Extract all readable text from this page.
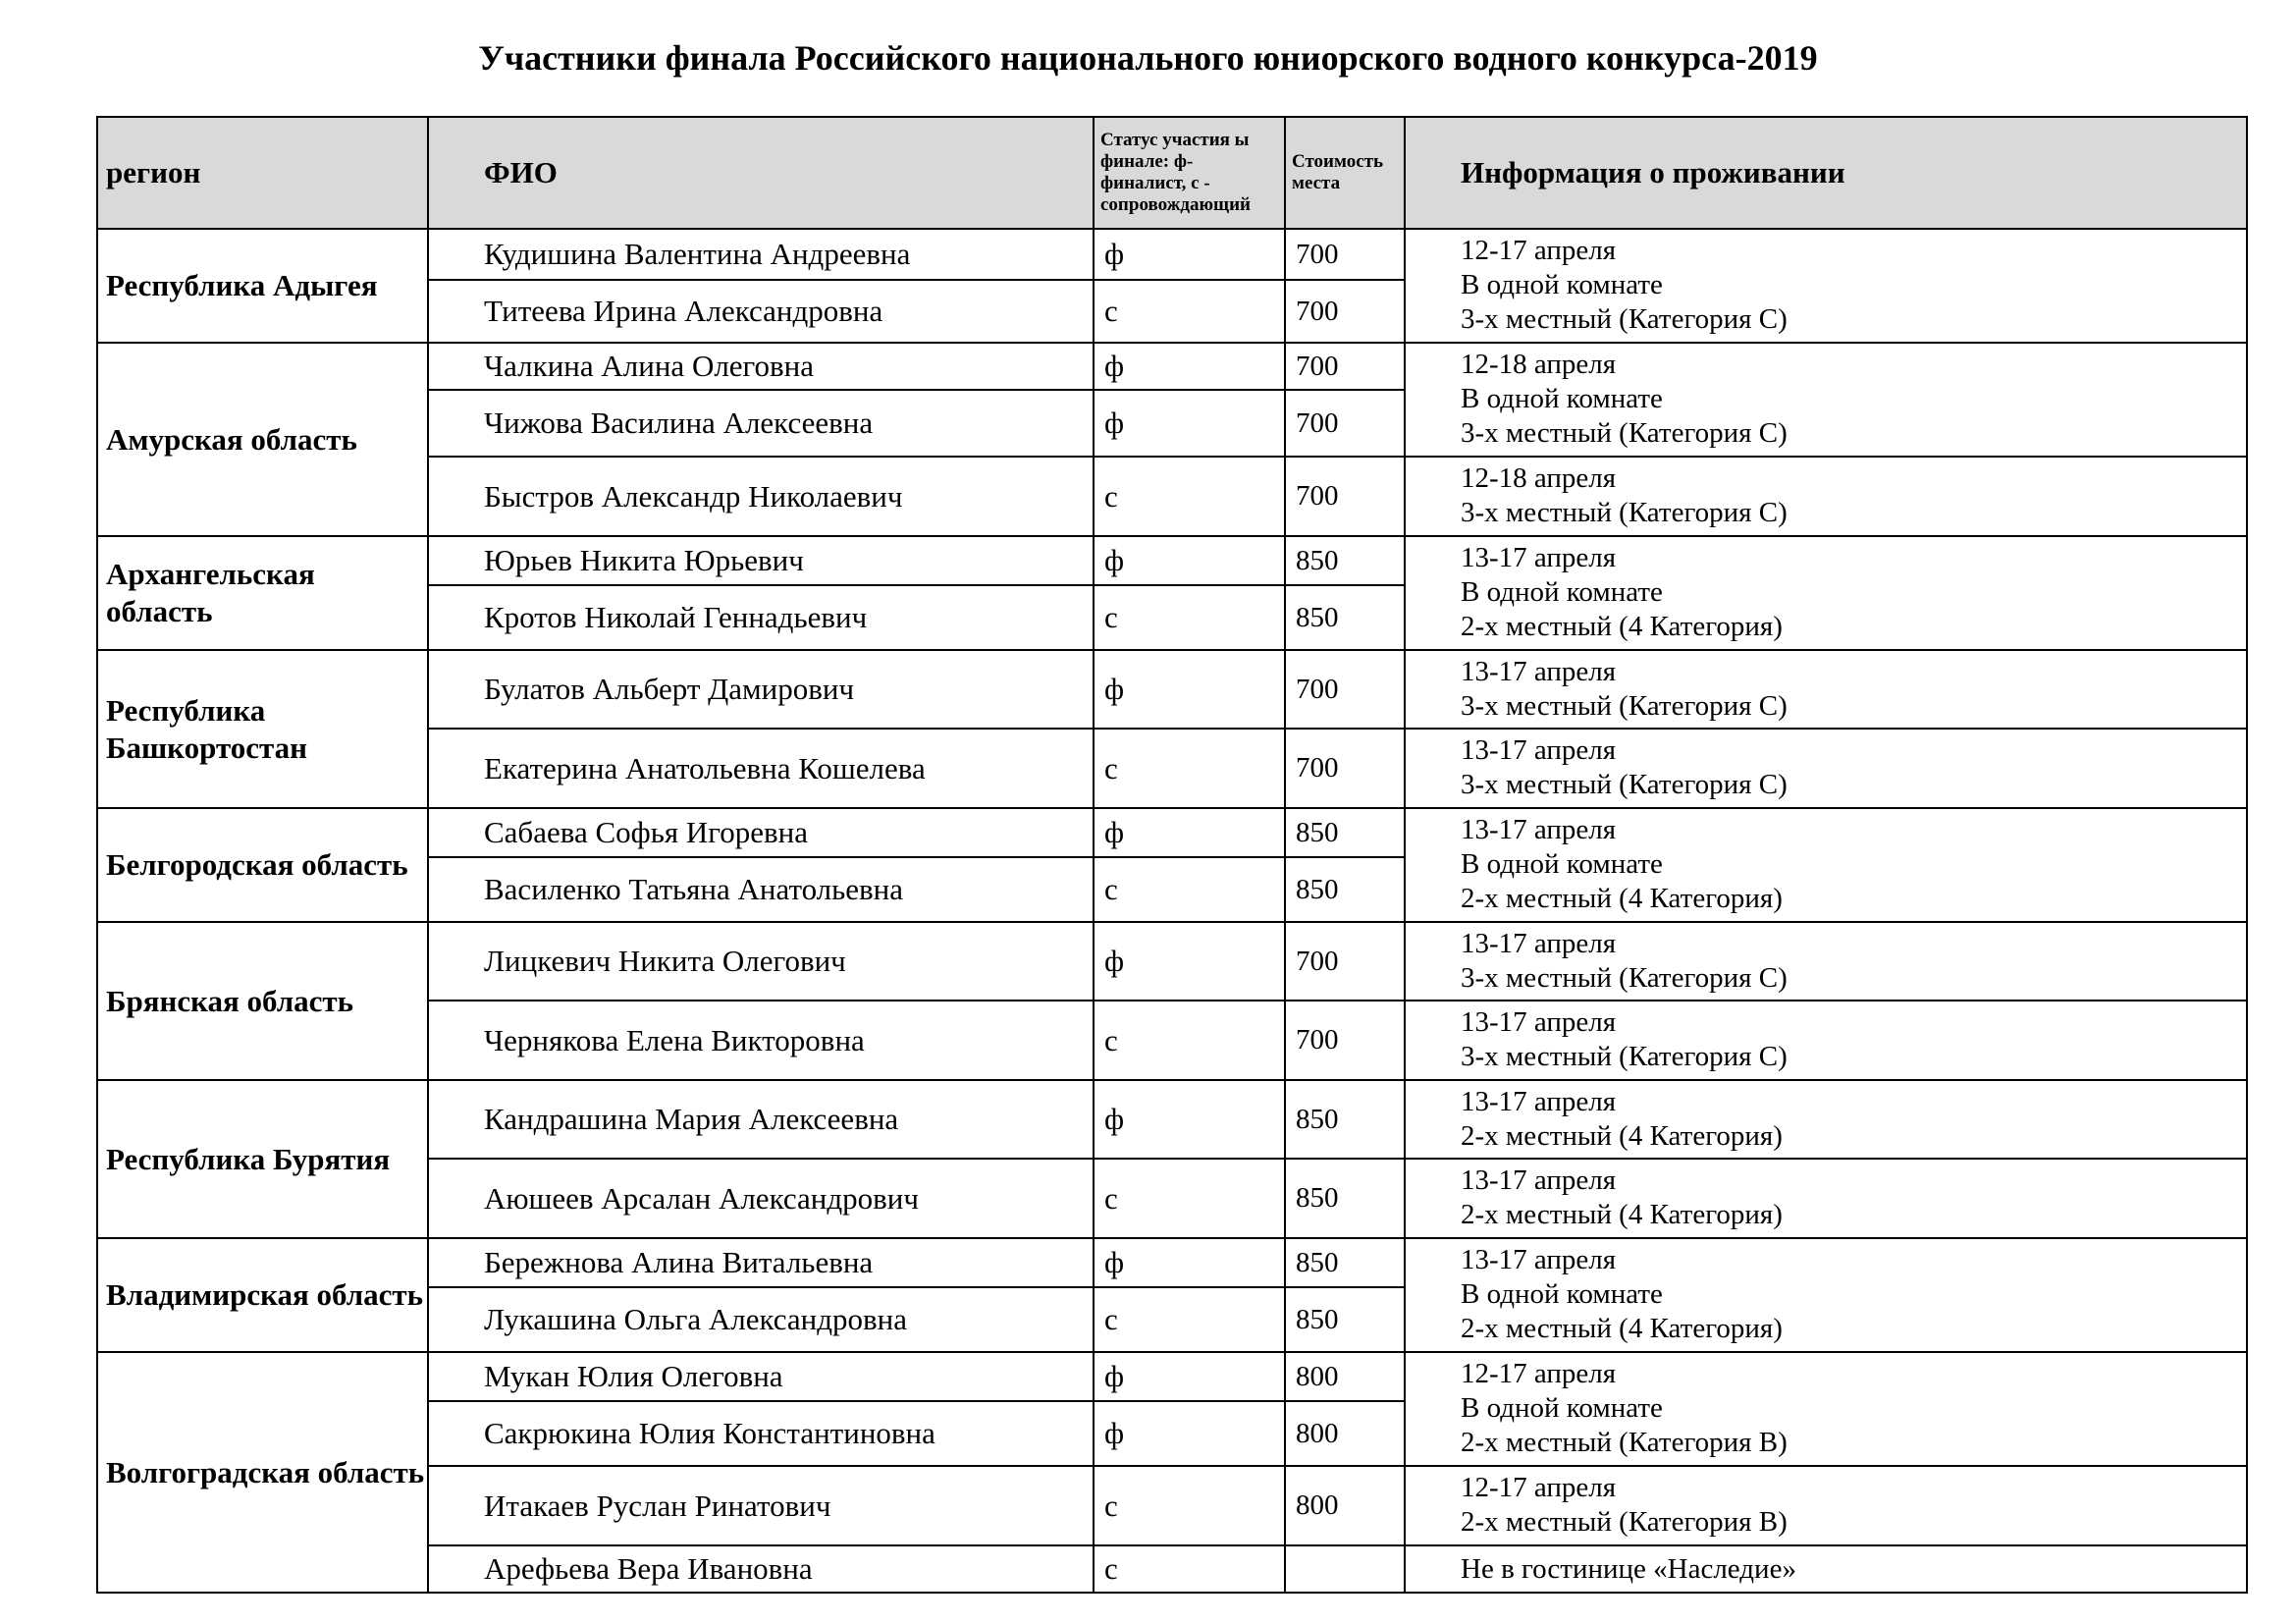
Участники финала Российского национального юниорского водного конкурса-2019
регион	ФИО	Статус участия ы финале: ф- финалист, с - сопровождающий	Стоимость места	Информация о проживании
Республика Адыгея	Кудишина Валентина Андреевна	ф	700	12-17 апреля
В одной комнате
3-х местный (Категория С)

	Титеева Ирина Александровна	с	700	
Амурская область	Чалкина Алина Олеговна	ф	700	12-18 апреля
В одной комнате
3-х местный (Категория С)

	Чижова Василина Алексеевна	ф	700	
	Быстров Александр Николаевич	с	700	12-18 апреля
3-х местный (Категория С)

Архангельская область	Юрьев Никита Юрьевич	ф	850	13-17 апреля
В одной комнате
2-х местный (4 Категория)

	Кротов Николай Геннадьевич	с	850	
Республика Башкортостан	Булатов Альберт Дамирович	ф	700	13-17 апреля
3-х местный (Категория С)

	Екатерина Анатольевна Кошелева	с	700	13-17 апреля
3-х местный (Категория С)

Белгородская область	Сабаева Софья Игоревна	ф	850	13-17 апреля
В одной комнате
2-х местный (4 Категория)

	Василенко Татьяна Анатольевна	с	850	
Брянская область	Лицкевич Никита Олегович	ф	700	13-17 апреля
3-х местный (Категория С)

	Чернякова Елена Викторовна	с	700	13-17 апреля
3-х местный (Категория С)

Республика Бурятия	Кандрашина Мария Алексеевна	ф	850	13-17 апреля
2-х местный (4 Категория)

	Аюшеев Арсалан Александрович	с	850	13-17 апреля
2-х местный (4 Категория)

Владимирская область	Бережнова Алина Витальевна	ф	850	13-17 апреля
В одной комнате
2-х местный (4 Категория)

	Лукашина Ольга Александровна	с	850	
Волгоградская область	Мукан Юлия Олеговна	ф	800	12-17 апреля
В одной комнате
2-х местный (Категория В)

	Сакрюкина Юлия Константиновна	ф	800	
	Итакаев Руслан Ринатович	с	800	12-17 апреля
2-х местный (Категория В)

	Арефьева Вера Ивановна	с		Не в гостинице «Наследие»
